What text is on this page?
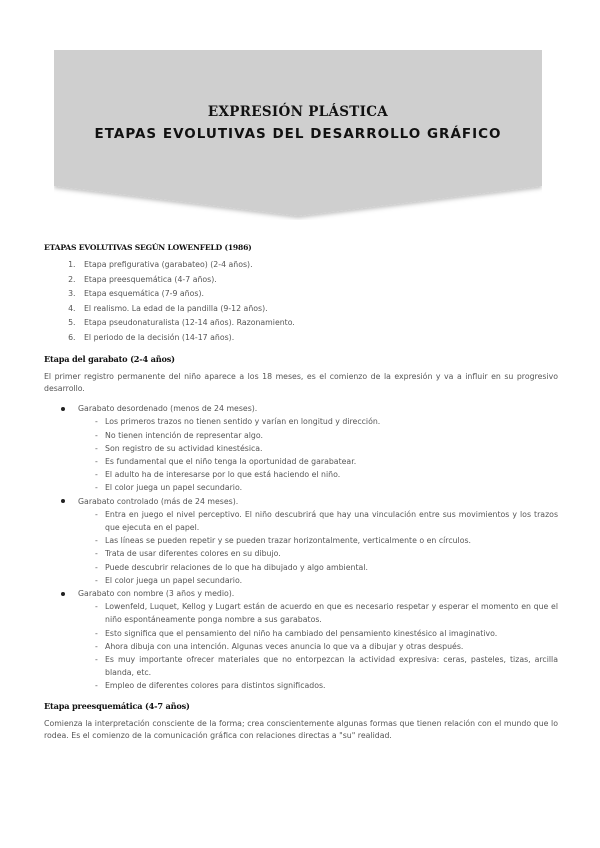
EXPRESIÓN PLÁSTICA
ETAPAS EVOLUTIVAS DEL DESARROLLO GRÁFICO
ETAPAS EVOLUTIVAS SEGÚN LOWENFELD (1986)
1. Etapa prefigurativa (garabateo) (2-4 años).
2. Etapa preesquemática (4-7 años).
3. Etapa esquemática (7-9 años).
4. El realismo. La edad de la pandilla (9-12 años).
5. Etapa pseudonaturalista (12-14 años). Razonamiento.
6. El periodo de la decisión (14-17 años).
Etapa del garabato (2-4 años)

El primer registro permanente del niño aparece a los 18 meses, es el comienzo de la expresión y va a influir en su progresivo desarrollo.

Garabato desordenado (menos de 24 meses).
- Los primeros trazos no tienen sentido y varían en longitud y dirección.
- No tienen intención de representar algo.
- Son registro de su actividad kinestésica.
- Es fundamental que el niño tenga la oportunidad de garabatear.
- El adulto ha de interesarse por lo que está haciendo el niño.
- El color juega un papel secundario.
Garabato controlado (más de 24 meses).
- Entra en juego el nivel perceptivo. El niño descubrirá que hay una vinculación entre sus movimientos y los trazos que ejecuta en el papel.
- Las líneas se pueden repetir y se pueden trazar horizontalmente, verticalmente o en círculos.
- Trata de usar diferentes colores en su dibujo.
- Puede descubrir relaciones de lo que ha dibujado y algo ambiental.
- El color juega un papel secundario.
Garabato con nombre (3 años y medio).
- Lowenfeld, Luquet, Kellog y Lugart están de acuerdo en que es necesario respetar y esperar el momento en que el niño espontáneamente ponga nombre a sus garabatos.
- Esto significa que el pensamiento del niño ha cambiado del pensamiento kinestésico al imaginativo.
- Ahora dibuja con una intención. Algunas veces anuncia lo que va a dibujar y otras después.
- Es muy importante ofrecer materiales que no entorpezcan la actividad expresiva: ceras, pasteles, tizas, arcilla blanda, etc.
- Empleo de diferentes colores para distintos significados.
Etapa preesquemática (4-7 años)

Comienza la interpretación consciente de la forma; crea conscientemente algunas formas que tienen relación con el mundo que lo rodea. Es el comienzo de la comunicación gráfica con relaciones directas a "su" realidad.
